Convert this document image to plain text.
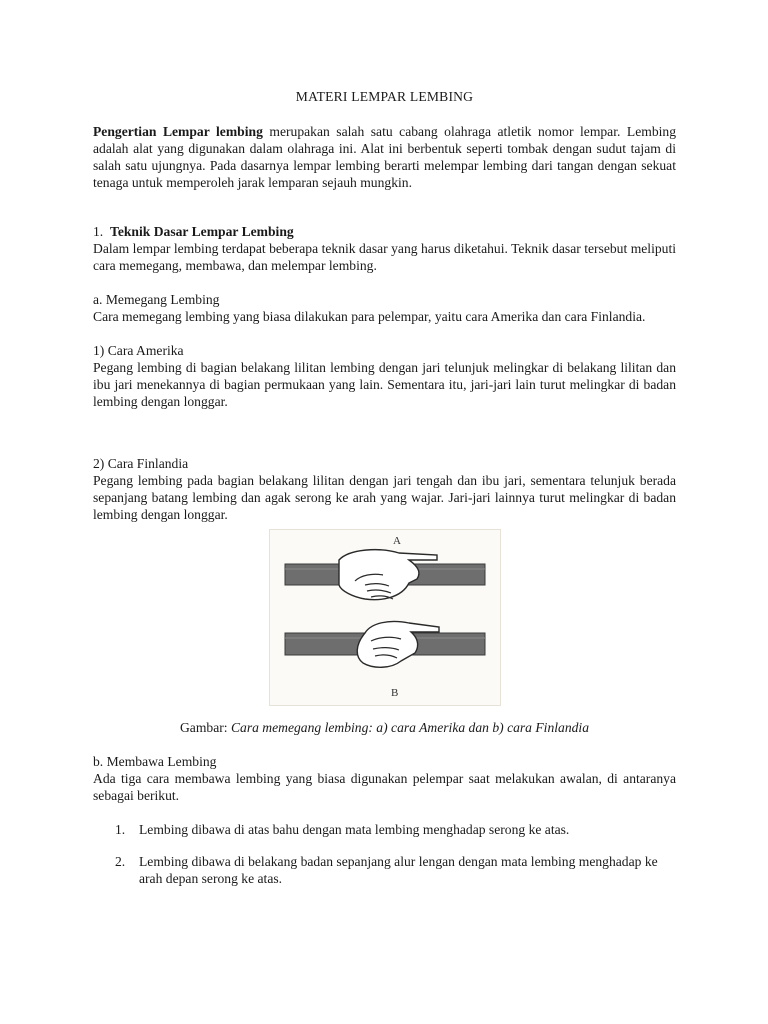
MATERI LEMPAR LEMBING

Pengertian Lempar lembing merupakan salah satu cabang olahraga atletik nomor lempar. Lembing adalah alat yang digunakan dalam olahraga ini. Alat ini berbentuk seperti tombak dengan sudut tajam di salah satu ujungnya. Pada dasarnya lempar lembing berarti melempar lembing dari tangan dengan sekuat tenaga untuk memperoleh jarak lemparan sejauh mungkin.

1. Teknik Dasar Lempar Lembing

Dalam lempar lembing terdapat beberapa teknik dasar yang harus diketahui. Teknik dasar tersebut meliputi cara memegang, membawa, dan melempar lembing.

a. Memegang Lembing

Cara memegang lembing yang biasa dilakukan para pelempar, yaitu cara Amerika dan cara Finlandia.

1) Cara Amerika

Pegang lembing di bagian belakang lilitan lembing dengan jari telunjuk melingkar di belakang lilitan dan ibu jari menekannya di bagian permukaan yang lain. Sementara itu, jari-jari lain turut melingkar di badan lembing dengan longgar.

2) Cara Finlandia

Pegang lembing pada bagian belakang lilitan dengan jari tengah dan ibu jari, sementara telunjuk berada sepanjang batang lembing dan agak serong ke arah yang wajar. Jari-jari lainnya turut melingkar di badan lembing dengan longgar.

A
B

Gambar: Cara memegang lembing: a) cara Amerika dan b) cara Finlandia

b. Membawa Lembing

Ada tiga cara membawa lembing yang biasa digunakan pelempar saat melakukan awalan, di antaranya sebagai berikut.

1. Lembing dibawa di atas bahu dengan mata lembing menghadap serong ke atas.
2. Lembing dibawa di belakang badan sepanjang alur lengan dengan mata lembing menghadap ke arah depan serong ke atas.
